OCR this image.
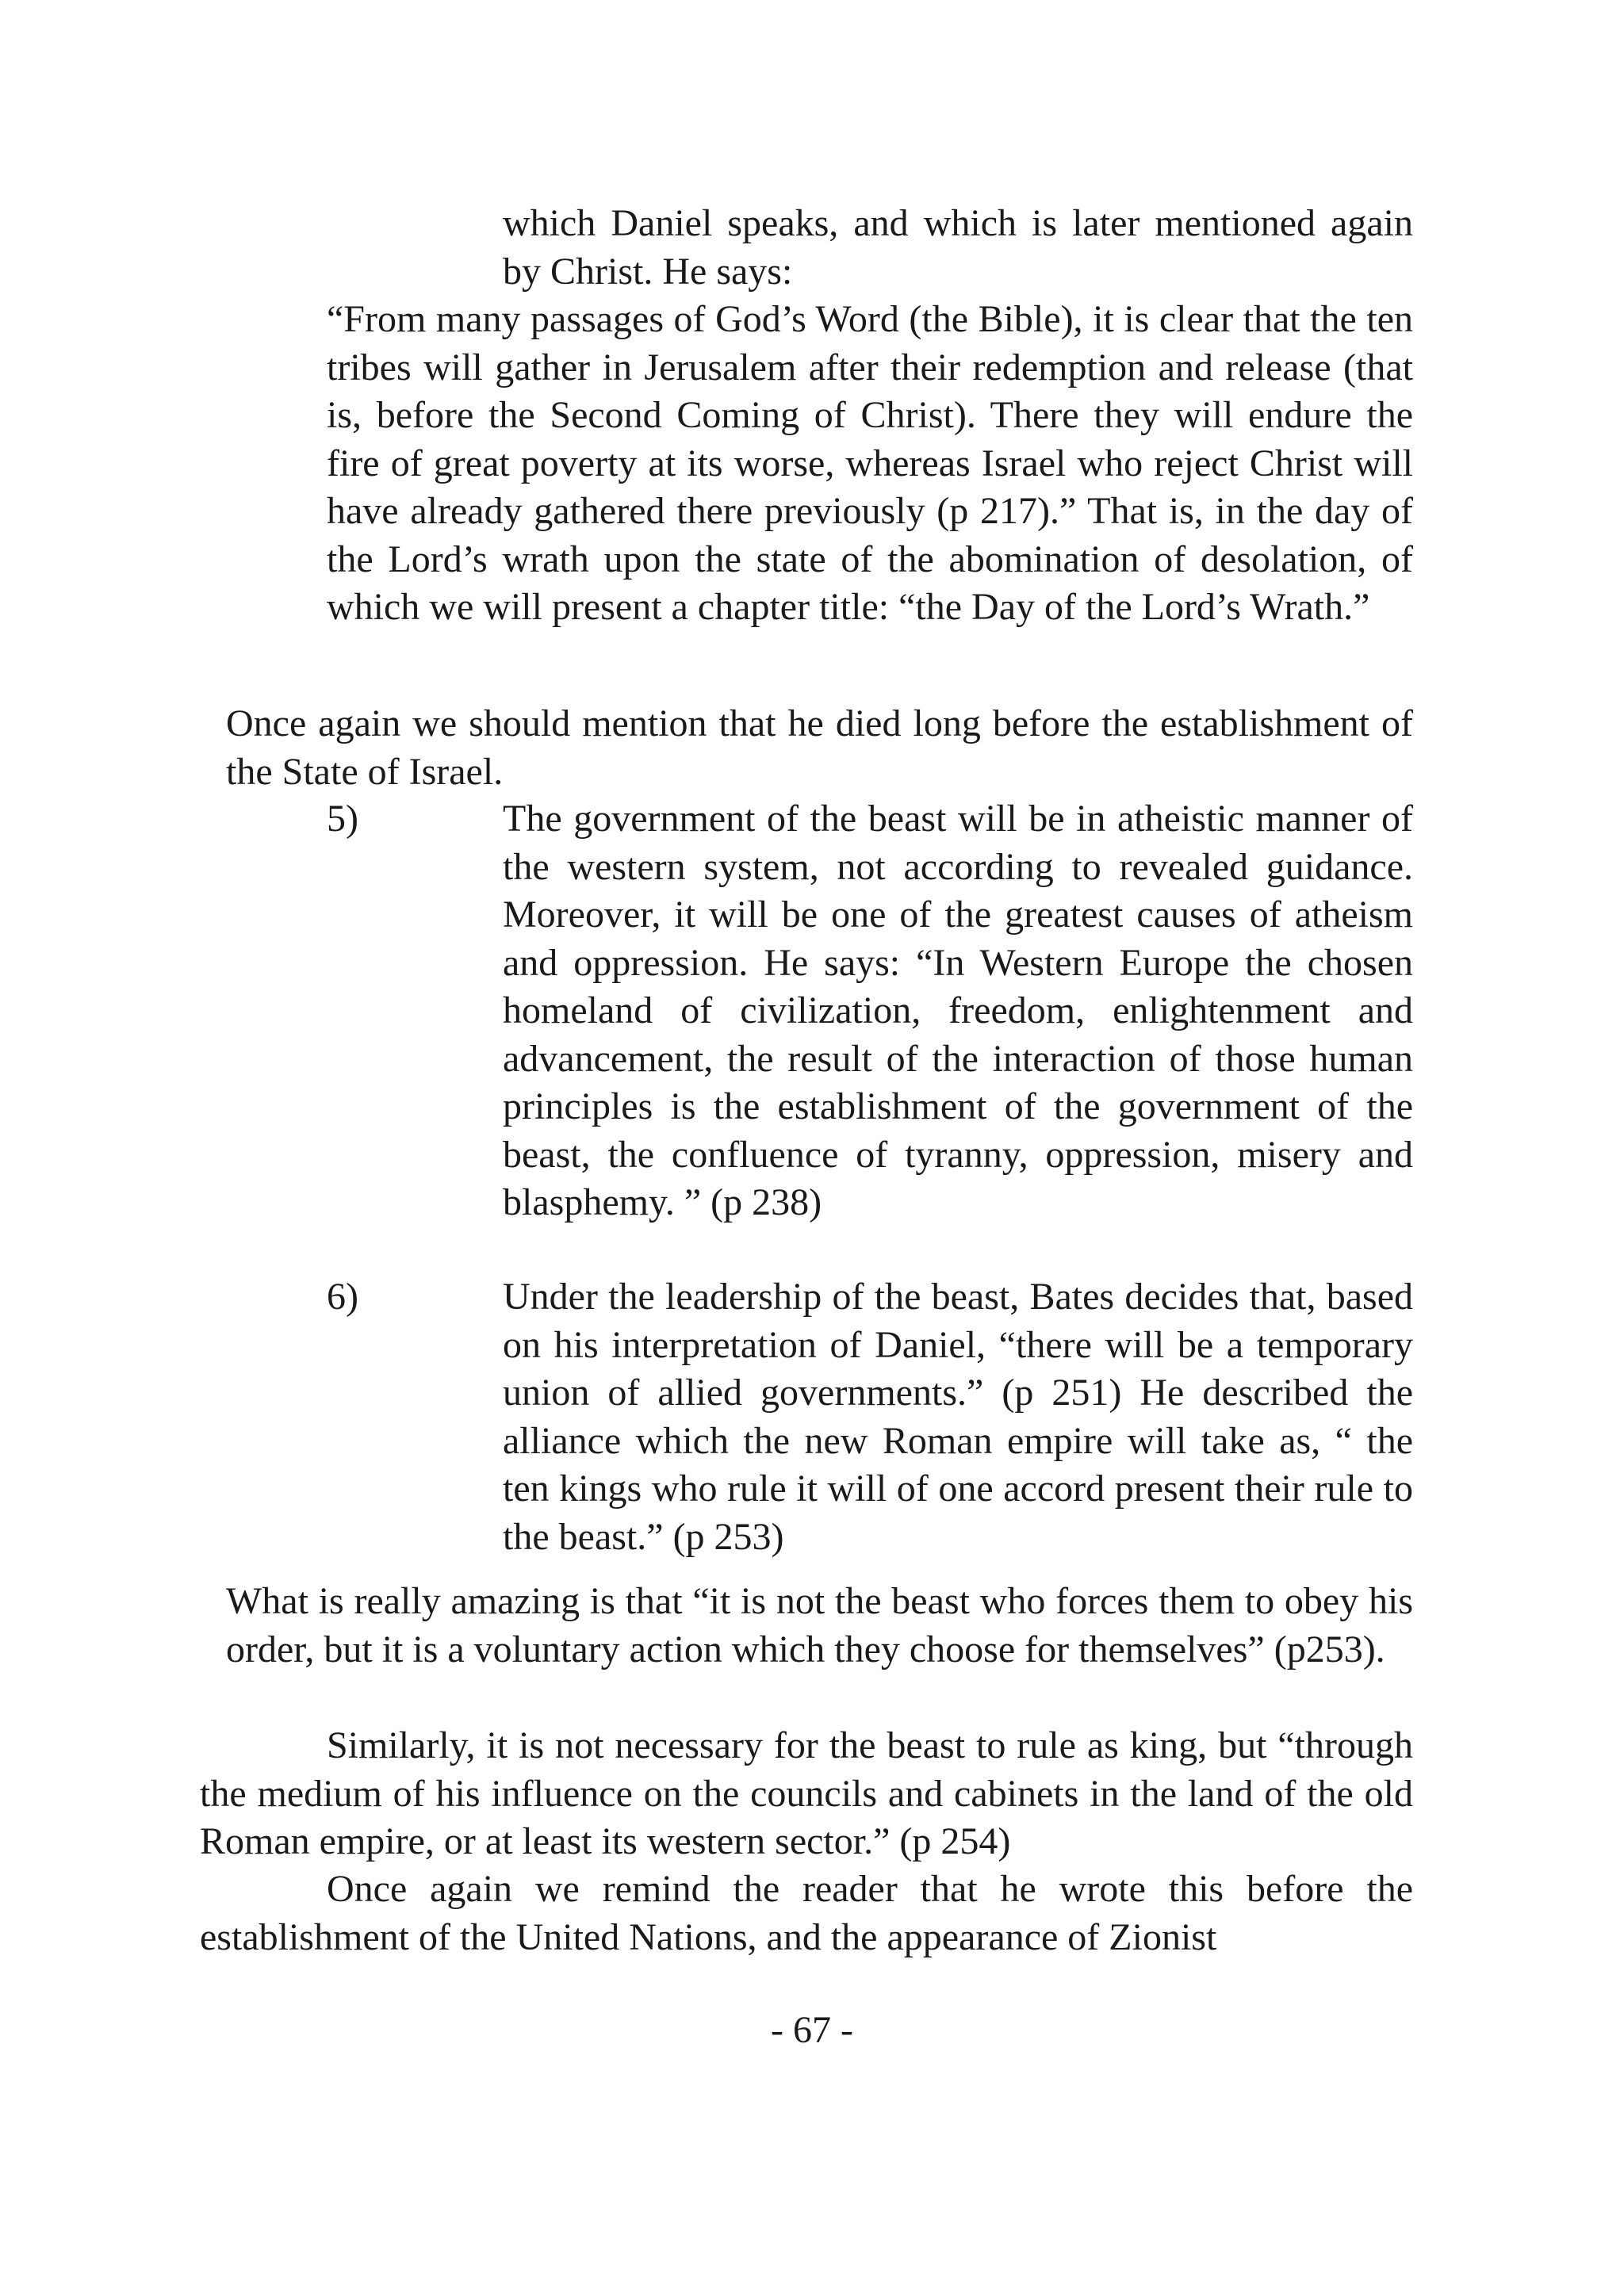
which Daniel speaks, and which is later mentioned again by Christ. He says:

“From many passages of God’s Word (the Bible), it is clear that the ten tribes will gather in Jerusalem after their redemption and release (that is, before the Second Coming of Christ). There they will endure the fire of great poverty at its worse, whereas Israel who reject Christ will have already gathered there previously (p 217).” That is, in the day of the Lord’s wrath upon the state of the abomination of desolation, of which we will present a chapter title: “the Day of the Lord’s Wrath.”

Once again we should mention that he died long before the establishment of the State of Israel.

5)	The government of the beast will be in atheistic manner of the western system, not according to revealed guidance. Moreover, it will be one of the greatest causes of atheism and oppression. He says: “In Western Europe the chosen homeland of civilization, freedom, enlightenment and advancement, the result of the interaction of those human principles is the establishment of the government of the beast, the confluence of tyranny, oppression, misery and blasphemy. ” (p 238)

6)	Under the leadership of the beast, Bates decides that, based on his interpretation of Daniel, “there will be a temporary union of allied governments.” (p 251) He described the alliance which the new Roman empire will take as, “ the ten kings who rule it will of one accord present their rule to the beast.” (p 253)

What is really amazing is that “it is not the beast who forces them to obey his order, but it is a voluntary action which they choose for themselves” (p253).

Similarly, it is not necessary for the beast to rule as king, but “through the medium of his influence on the councils and cabinets in the land of the old Roman empire, or at least its western sector.” (p 254)

Once again we remind the reader that he wrote this before the establishment of the United Nations, and the appearance of Zionist

- 67 -
